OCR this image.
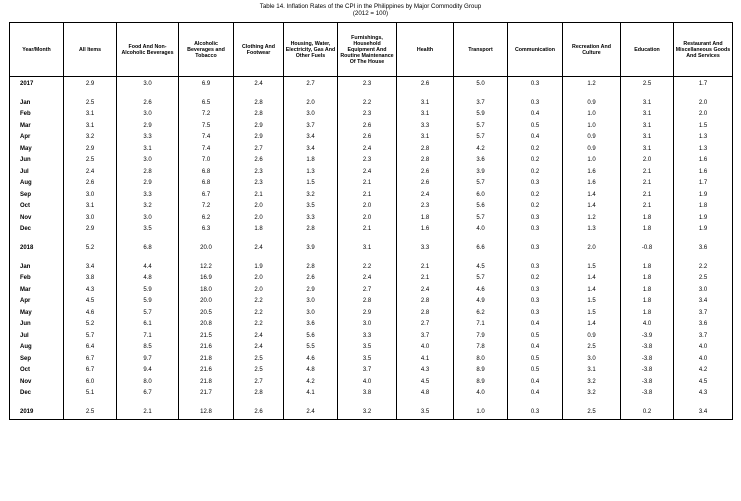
Table 14. Inflation Rates of the CPI in the Philippines by Major Commodity Group
(2012 = 100)
Year/Month	All Items	Food And Non-Alcoholic Beverages	Alcoholic Beverages and Tobacco	Clothing And Footwear	Housing, Water, Electricity, Gas And Other Fuels	Furnishings, Household Equipment And Routine Maintenance Of The House	Health	Transport	Communication	Recreation And Culture	Education	Restaurant And Miscellaneous Goods And Services
2017	2.9	3.0	6.9	2.4	2.7	2.3	2.6	5.0	0.3	1.2	2.5	1.7

Jan	2.5	2.6	6.5	2.8	2.0	2.2	3.1	3.7	0.3	0.9	3.1	2.0
Feb	3.1	3.0	7.2	2.8	3.0	2.3	3.1	5.9	0.4	1.0	3.1	2.0
Mar	3.1	2.9	7.5	2.9	3.7	2.6	3.3	5.7	0.5	1.0	3.1	1.5
Apr	3.2	3.3	7.4	2.9	3.4	2.6	3.1	5.7	0.4	0.9	3.1	1.3
May	2.9	3.1	7.4	2.7	3.4	2.4	2.8	4.2	0.2	0.9	3.1	1.3
Jun	2.5	3.0	7.0	2.6	1.8	2.3	2.8	3.6	0.2	1.0	2.0	1.6
Jul	2.4	2.8	6.8	2.3	1.3	2.4	2.6	3.9	0.2	1.6	2.1	1.6
Aug	2.6	2.9	6.8	2.3	1.5	2.1	2.6	5.7	0.3	1.6	2.1	1.7
Sep	3.0	3.3	6.7	2.1	3.2	2.1	2.4	6.0	0.2	1.4	2.1	1.9
Oct	3.1	3.2	7.2	2.0	3.5	2.0	2.3	5.6	0.2	1.4	2.1	1.8
Nov	3.0	3.0	6.2	2.0	3.3	2.0	1.8	5.7	0.3	1.2	1.8	1.9
Dec	2.9	3.5	6.3	1.8	2.8	2.1	1.6	4.0	0.3	1.3	1.8	1.9

2018	5.2	6.8	20.0	2.4	3.9	3.1	3.3	6.6	0.3	2.0	-0.8	3.6

Jan	3.4	4.4	12.2	1.9	2.8	2.2	2.1	4.5	0.3	1.5	1.8	2.2
Feb	3.8	4.8	16.9	2.0	2.6	2.4	2.1	5.7	0.2	1.4	1.8	2.5
Mar	4.3	5.9	18.0	2.0	2.9	2.7	2.4	4.6	0.3	1.4	1.8	3.0
Apr	4.5	5.9	20.0	2.2	3.0	2.8	2.8	4.9	0.3	1.5	1.8	3.4
May	4.6	5.7	20.5	2.2	3.0	2.9	2.8	6.2	0.3	1.5	1.8	3.7
Jun	5.2	6.1	20.8	2.2	3.6	3.0	2.7	7.1	0.4	1.4	4.0	3.6
Jul	5.7	7.1	21.5	2.4	5.6	3.3	3.7	7.9	0.5	0.9	-3.9	3.7
Aug	6.4	8.5	21.6	2.4	5.5	3.5	4.0	7.8	0.4	2.5	-3.8	4.0
Sep	6.7	9.7	21.8	2.5	4.6	3.5	4.1	8.0	0.5	3.0	-3.8	4.0
Oct	6.7	9.4	21.6	2.5	4.8	3.7	4.3	8.9	0.5	3.1	-3.8	4.2
Nov	6.0	8.0	21.8	2.7	4.2	4.0	4.5	8.9	0.4	3.2	-3.8	4.5
Dec	5.1	6.7	21.7	2.8	4.1	3.8	4.8	4.0	0.4	3.2	-3.8	4.3

2019	2.5	2.1	12.8	2.6	2.4	3.2	3.5	1.0	0.3	2.5	0.2	3.4
